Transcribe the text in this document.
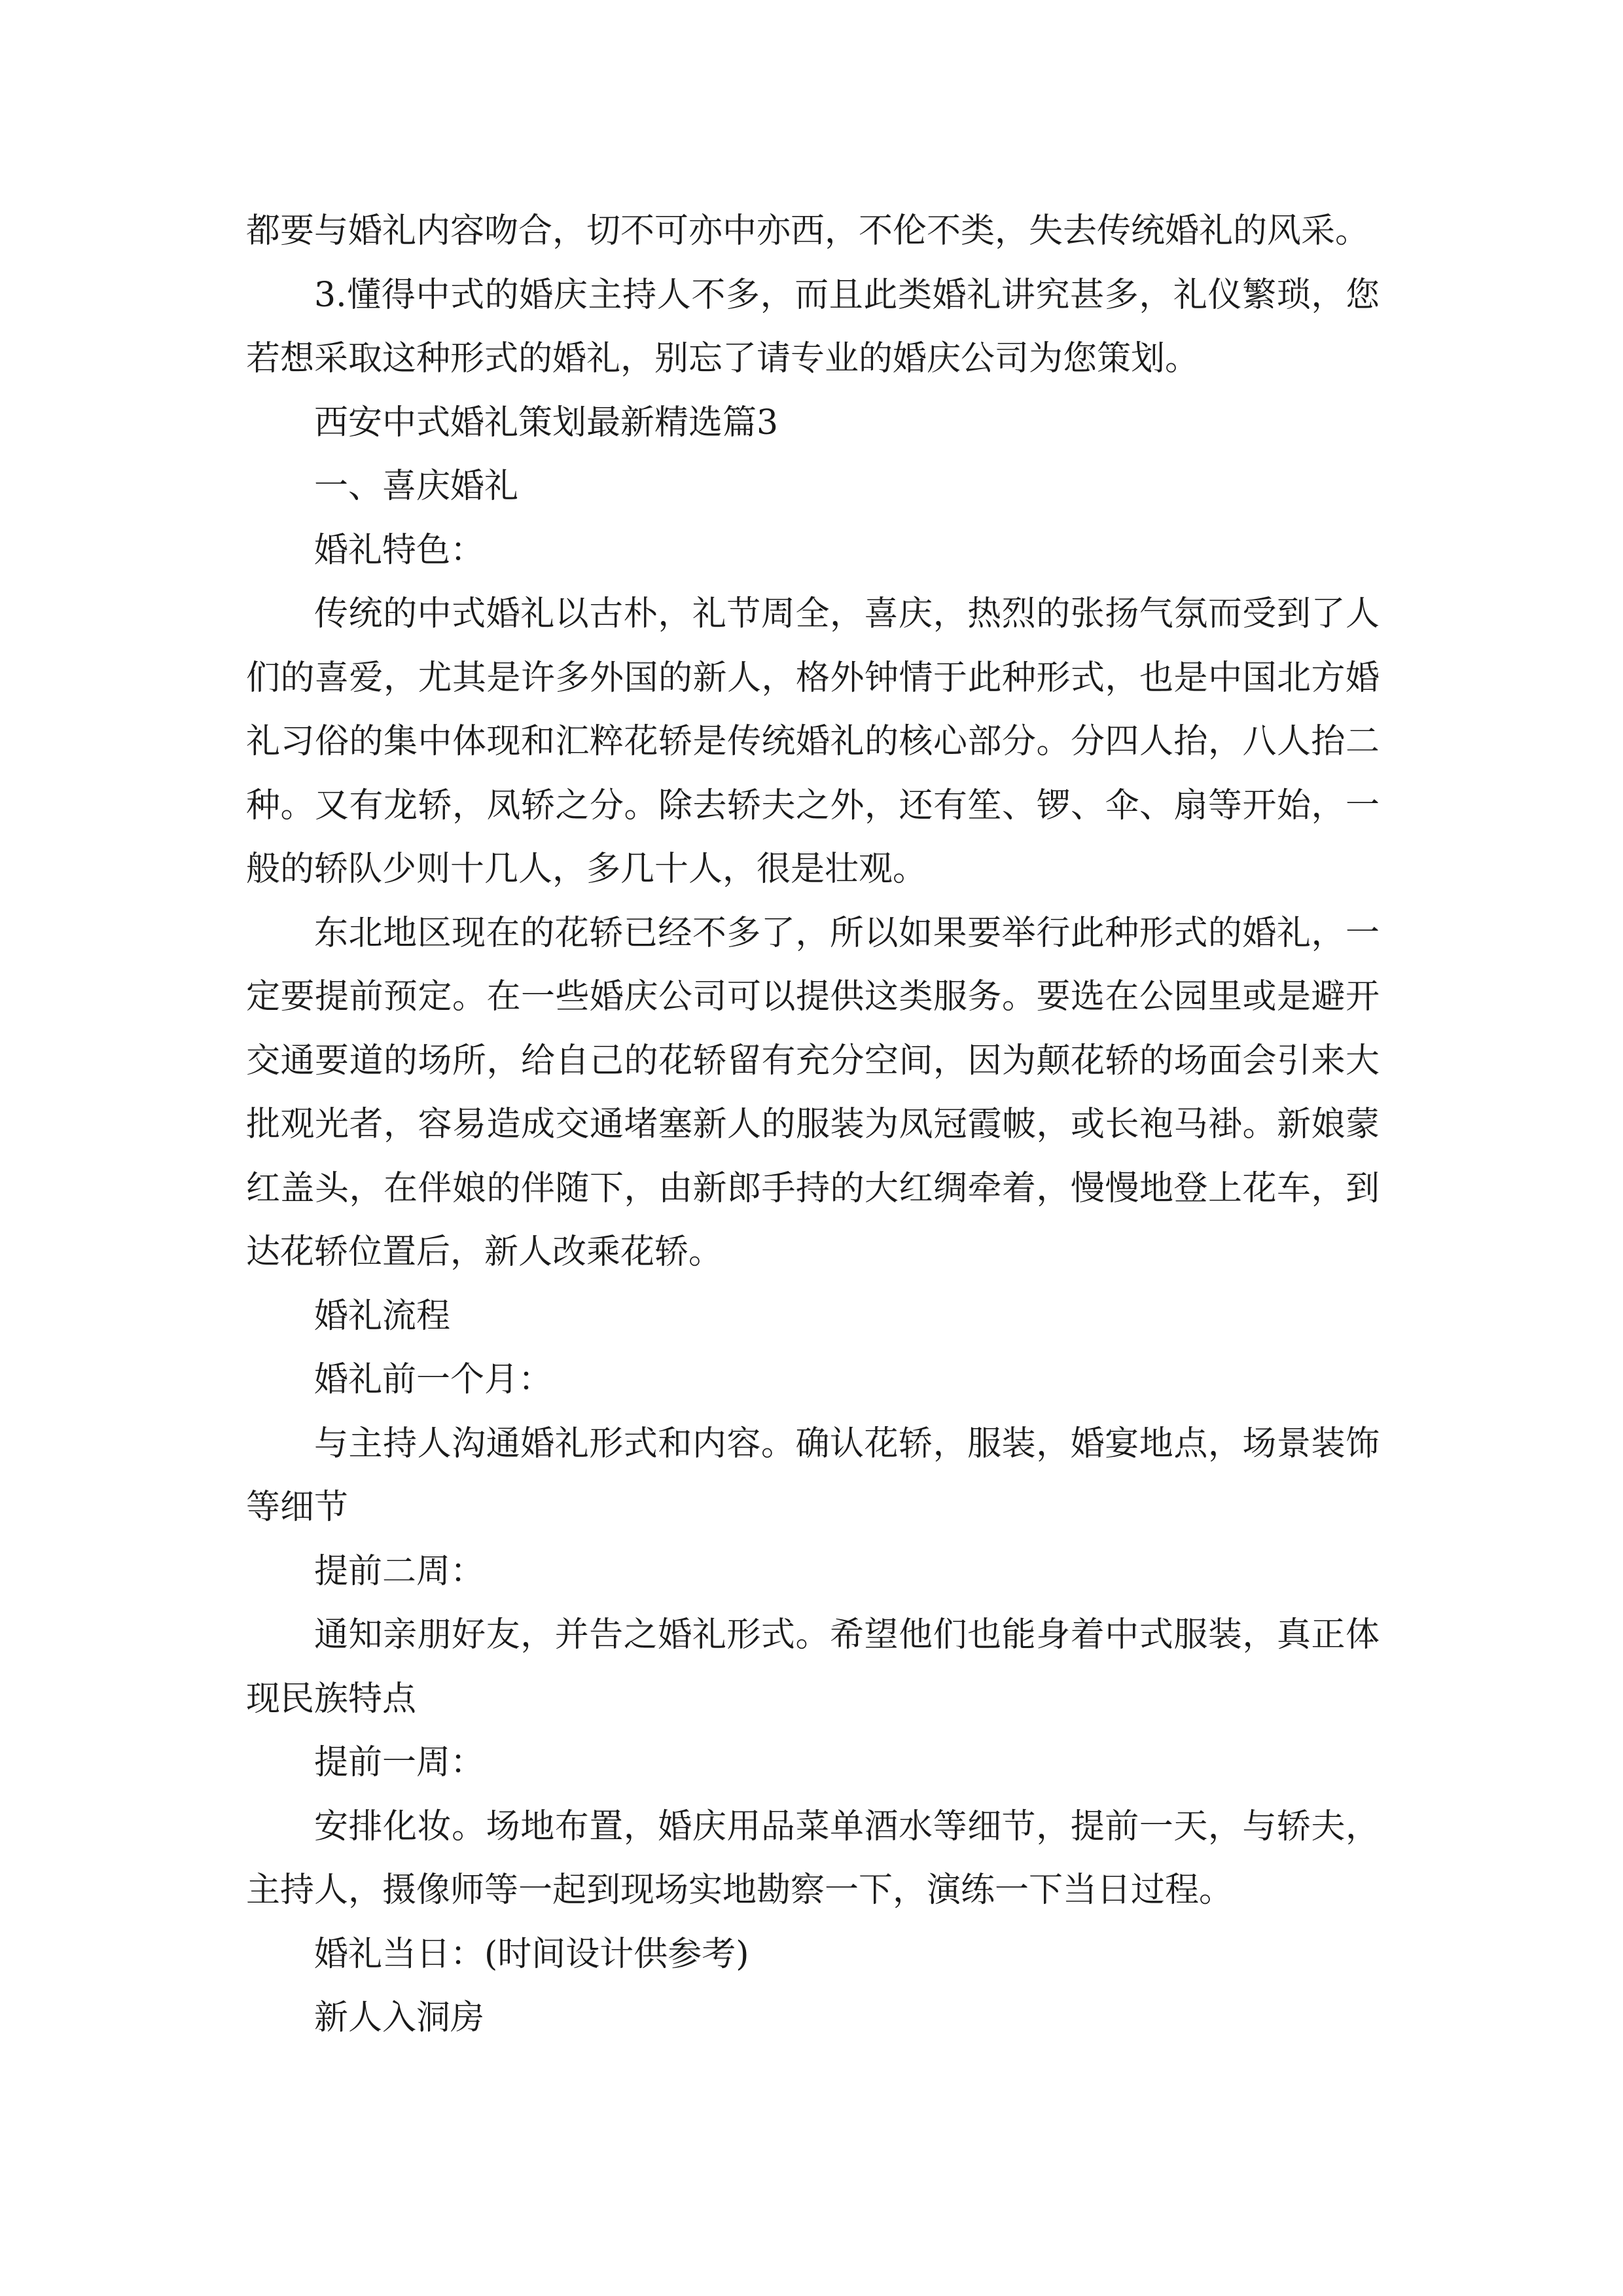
都要与婚礼内容吻合，切不可亦中亦西，不伦不类，失去传统婚礼的风采。

3.懂得中式的婚庆主持人不多，而且此类婚礼讲究甚多，礼仪繁琐，您若想采取这种形式的婚礼，别忘了请专业的婚庆公司为您策划。

西安中式婚礼策划最新精选篇3

一、喜庆婚礼

婚礼特色：

传统的中式婚礼以古朴，礼节周全，喜庆，热烈的张扬气氛而受到了人们的喜爱，尤其是许多外国的新人，格外钟情于此种形式，也是中国北方婚礼习俗的集中体现和汇粹花轿是传统婚礼的核心部分。分四人抬，八人抬二种。又有龙轿，凤轿之分。除去轿夫之外，还有笙、锣、伞、扇等开始，一般的轿队少则十几人，多几十人，很是壮观。

东北地区现在的花轿已经不多了，所以如果要举行此种形式的婚礼，一定要提前预定。在一些婚庆公司可以提供这类服务。要选在公园里或是避开交通要道的场所，给自己的花轿留有充分空间，因为颠花轿的场面会引来大批观光者，容易造成交通堵塞新人的服装为凤冠霞帔，或长袍马褂。新娘蒙红盖头，在伴娘的伴随下，由新郎手持的大红绸牵着，慢慢地登上花车，到达花轿位置后，新人改乘花轿。

婚礼流程

婚礼前一个月：

与主持人沟通婚礼形式和内容。确认花轿，服装，婚宴地点，场景装饰等细节

提前二周：

通知亲朋好友，并告之婚礼形式。希望他们也能身着中式服装，真正体现民族特点

提前一周：

安排化妆。场地布置，婚庆用品菜单酒水等细节，提前一天，与轿夫，主持人，摄像师等一起到现场实地勘察一下，演练一下当日过程。

婚礼当日：(时间设计供参考)

新人入洞房
